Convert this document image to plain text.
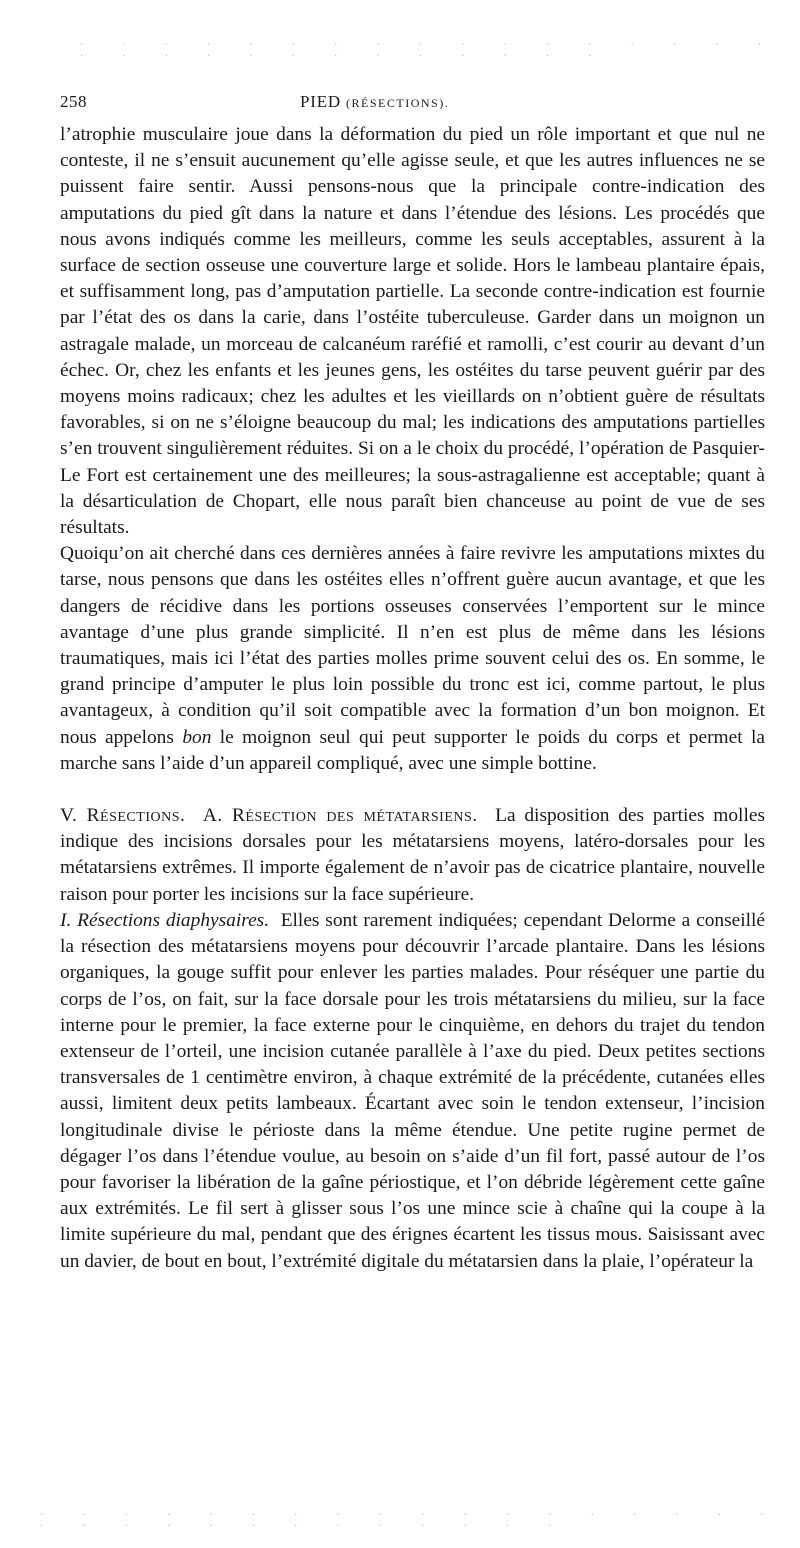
258	PIED (RÉSECTIONS).

l’atrophie musculaire joue dans la déformation du pied un rôle important et que nul ne conteste, il ne s’ensuit aucunement qu’elle agisse seule, et que les autres influences ne se puissent faire sentir. Aussi pensons-nous que la principale contre-indication des amputations du pied gît dans la nature et dans l’étendue des lésions. Les procédés que nous avons indiqués comme les meilleurs, comme les seuls acceptables, assurent à la surface de section osseuse une couverture large et solide. Hors le lambeau plantaire épais, et suffisamment long, pas d’amputation partielle. La seconde contre-indication est fournie par l’état des os dans la carie, dans l’ostéite tuberculeuse. Garder dans un moignon un astragale malade, un morceau de calcanéum raréfié et ramolli, c’est courir au devant d’un échec. Or, chez les enfants et les jeunes gens, les ostéites du tarse peuvent guérir par des moyens moins radicaux; chez les adultes et les vieillards on n’obtient guère de résultats favorables, si on ne s’éloigne beaucoup du mal; les indications des amputations partielles s’en trouvent singulièrement réduites. Si on a le choix du procédé, l’opération de Pasquier-Le Fort est certainement une des meilleures; la sous-astragalienne est acceptable; quant à la désarticulation de Chopart, elle nous paraît bien chanceuse au point de vue de ses résultats.

Quoiqu’on ait cherché dans ces dernières années à faire revivre les amputations mixtes du tarse, nous pensons que dans les ostéites elles n’offrent guère aucun avantage, et que les dangers de récidive dans les portions osseuses conservées l’emportent sur le mince avantage d’une plus grande simplicité. Il n’en est plus de même dans les lésions traumatiques, mais ici l’état des parties molles prime souvent celui des os. En somme, le grand principe d’amputer le plus loin possible du tronc est ici, comme partout, le plus avantageux, à condition qu’il soit compatible avec la formation d’un bon moignon. Et nous appelons bon le moignon seul qui peut supporter le poids du corps et permet la marche sans l’aide d’un appareil compliqué, avec une simple bottine.

V. Résections. A. Résection des métatarsiens. La disposition des parties molles indique des incisions dorsales pour les métatarsiens moyens, latéro-dorsales pour les métatarsiens extrêmes. Il importe également de n’avoir pas de cicatrice plantaire, nouvelle raison pour porter les incisions sur la face supérieure.

I. Résections diaphysaires. Elles sont rarement indiquées; cependant Delorme a conseillé la résection des métatarsiens moyens pour découvrir l’arcade plantaire. Dans les lésions organiques, la gouge suffit pour enlever les parties malades. Pour réséquer une partie du corps de l’os, on fait, sur la face dorsale pour les trois métatarsiens du milieu, sur la face interne pour le premier, la face externe pour le cinquième, en dehors du trajet du tendon extenseur de l’orteil, une incision cutanée parallèle à l’axe du pied. Deux petites sections transversales de 1 centimètre environ, à chaque extrémité de la précédente, cutanées elles aussi, limitent deux petits lambeaux. Écartant avec soin le tendon extenseur, l’incision longitudinale divise le périoste dans la même étendue. Une petite rugine permet de dégager l’os dans l’étendue voulue, au besoin on s’aide d’un fil fort, passé autour de l’os pour favoriser la libération de la gaîne périostique, et l’on débride légèrement cette gaîne aux extrémités. Le fil sert à glisser sous l’os une mince scie à chaîne qui la coupe à la limite supérieure du mal, pendant que des érignes écartent les tissus mous. Saisissant avec un davier, de bout en bout, l’extrémité digitale du métatarsien dans la plaie, l’opérateur la

· · · · · · · · · · · · · · · · · · · · · · · · · · · · · ·
· · · · · · · · · · · · · · · · · · · · · · · · · · · · · · ·
